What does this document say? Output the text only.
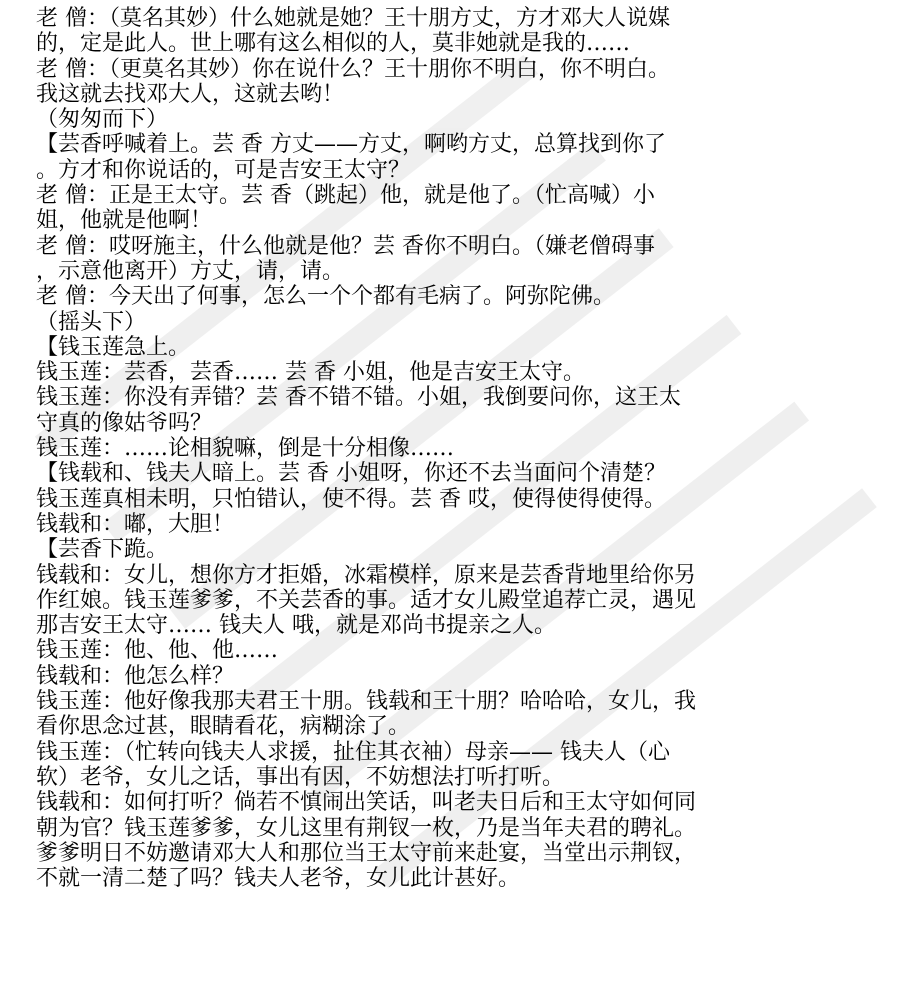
老 僧：（莫名其妙）什么她就是她？王十朋方丈，方才邓大人说媒
的，定是此人。世上哪有这么相似的人，莫非她就是我的……
老 僧：（更莫名其妙）你在说什么？王十朋你不明白，你不明白。
我这就去找邓大人，这就去哟！
（匆匆而下）
【芸香呼喊着上。芸 香 方丈——方丈，啊哟方丈，总算找到你了
。方才和你说话的，可是吉安王太守？
老 僧：正是王太守。芸 香（跳起）他，就是他了。（忙高喊）小
姐，他就是他啊！
老 僧：哎呀施主，什么他就是他？芸 香你不明白。（嫌老僧碍事
，示意他离开）方丈，请，请。
老 僧：今天出了何事，怎么一个个都有毛病了。阿弥陀佛。
（摇头下）
【钱玉莲急上。
钱玉莲：芸香，芸香…… 芸 香 小姐，他是吉安王太守。
钱玉莲：你没有弄错？芸 香不错不错。小姐，我倒要问你，这王太
守真的像姑爷吗？
钱玉莲：……论相貌嘛，倒是十分相像……
【钱载和、钱夫人暗上。芸 香 小姐呀，你还不去当面问个清楚？
钱玉莲真相未明，只怕错认，使不得。芸 香 哎，使得使得使得。
钱载和：嘟，大胆！
【芸香下跪。
钱载和：女儿，想你方才拒婚，冰霜模样，原来是芸香背地里给你另
作红娘。钱玉莲爹爹，不关芸香的事。适才女儿殿堂追荐亡灵，遇见
那吉安王太守…… 钱夫人 哦，就是邓尚书提亲之人。
钱玉莲：他、他、他……
钱载和：他怎么样？
钱玉莲：他好像我那夫君王十朋。钱载和王十朋？哈哈哈，女儿，我
看你思念过甚，眼睛看花，病糊涂了。
钱玉莲：（忙转向钱夫人求援，扯住其衣袖）母亲—— 钱夫人（心
软）老爷，女儿之话，事出有因，不妨想法打听打听。
钱载和：如何打听？倘若不慎闹出笑话，叫老夫日后和王太守如何同
朝为官？钱玉莲爹爹，女儿这里有荆钗一枚，乃是当年夫君的聘礼。
爹爹明日不妨邀请邓大人和那位当王太守前来赴宴，当堂出示荆钗，
不就一清二楚了吗？钱夫人老爷，女儿此计甚好。
